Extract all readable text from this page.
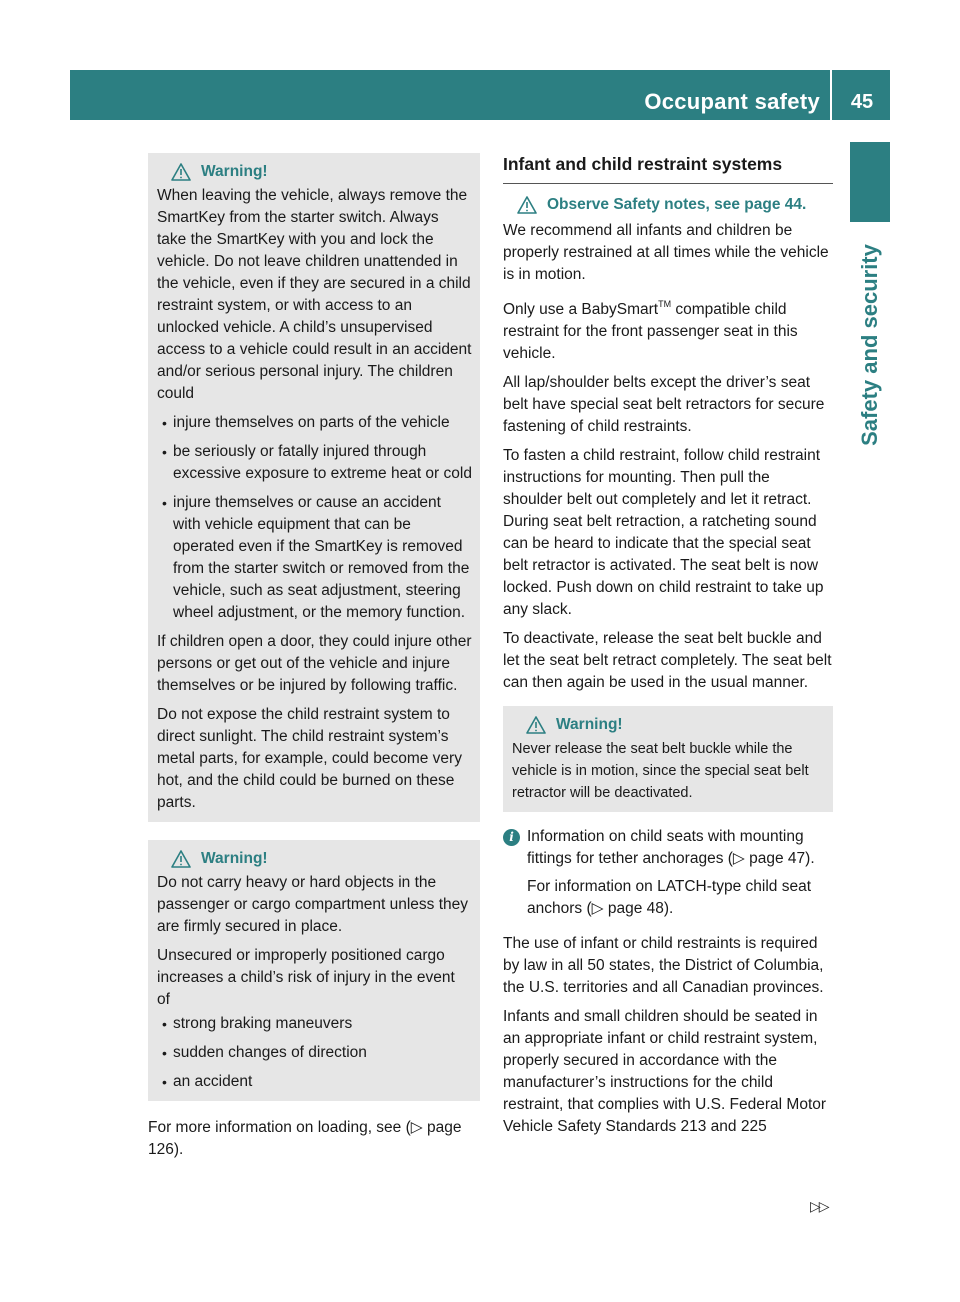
Occupant safety	45
Safety and security
Warning!

When leaving the vehicle, always remove the SmartKey from the starter switch. Always take the SmartKey with you and lock the vehicle. Do not leave children unattended in the vehicle, even if they are secured in a child restraint system, or with access to an unlocked vehicle. A child’s unsupervised access to a vehicle could result in an accident and/or serious personal injury. The children could

• injure themselves on parts of the vehicle
• be seriously or fatally injured through excessive exposure to extreme heat or cold
• injure themselves or cause an accident with vehicle equipment that can be operated even if the SmartKey is removed from the starter switch or removed from the vehicle, such as seat adjustment, steering wheel adjustment, or the memory function.

If children open a door, they could injure other persons or get out of the vehicle and injure themselves or be injured by following traffic.

Do not expose the child restraint system to direct sunlight. The child restraint system’s metal parts, for example, could become very hot, and the child could be burned on these parts.

Warning!

Do not carry heavy or hard objects in the passenger or cargo compartment unless they are firmly secured in place.

Unsecured or improperly positioned cargo increases a child’s risk of injury in the event of

• strong braking maneuvers
• sudden changes of direction
• an accident

For more information on loading, see (▷ page 126).

Infant and child restraint systems
Observe Safety notes, see page 44.

We recommend all infants and children be properly restrained at all times while the vehicle is in motion.

Only use a BabySmart™ compatible child restraint for the front passenger seat in this vehicle.

All lap/shoulder belts except the driver’s seat belt have special seat belt retractors for secure fastening of child restraints.

To fasten a child restraint, follow child restraint instructions for mounting. Then pull the shoulder belt out completely and let it retract. During seat belt retraction, a ratcheting sound can be heard to indicate that the special seat belt retractor is activated. The seat belt is now locked. Push down on child restraint to take up any slack.

To deactivate, release the seat belt buckle and let the seat belt retract completely. The seat belt can then again be used in the usual manner.

Warning!

Never release the seat belt buckle while the vehicle is in motion, since the special seat belt retractor will be deactivated.

i Information on child seats with mounting fittings for tether anchorages (▷ page 47).

For information on LATCH-type child seat anchors (▷ page 48).

The use of infant or child restraints is required by law in all 50 states, the District of Columbia, the U.S. territories and all Canadian provinces.

Infants and small children should be seated in an appropriate infant or child restraint system, properly secured in accordance with the manufacturer’s instructions for the child restraint, that complies with U.S. Federal Motor Vehicle Safety Standards 213 and 225

▷▷
